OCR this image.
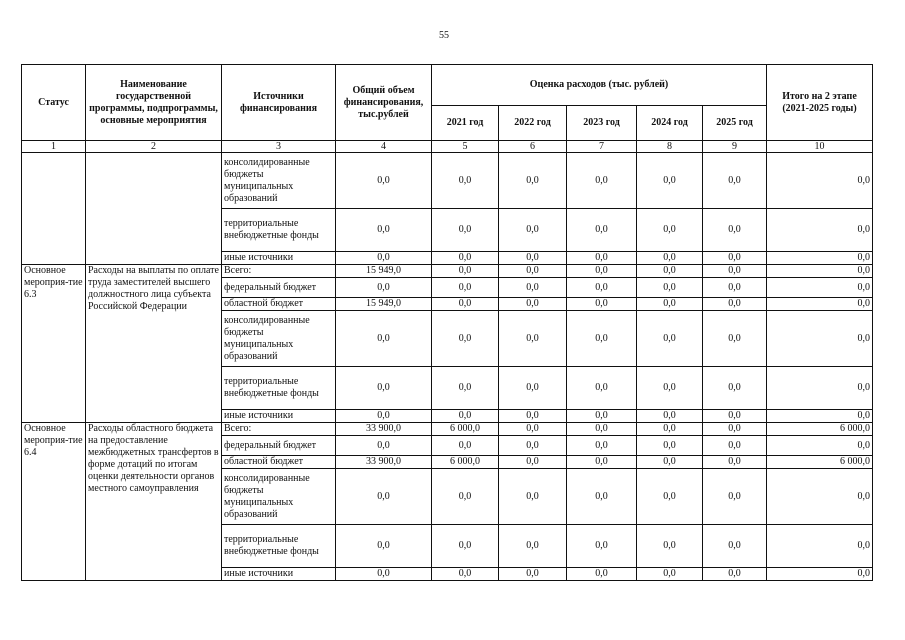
55
Статус	Наименование государственной программы, подпрограммы, основные мероприятия	Источники финансирования	Общий объем финансирования, тыс.рублей	Оценка расходов (тыс. рублей)					Итого на 2 этапе (2021-2025 годы)
				2021 год	2022 год	2023 год	2024 год	2025 год	
1	2	3	4	5	6	7	8	9	10
		консолидированные бюджеты муниципальных образований	0,0	0,0	0,0	0,0	0,0	0,0	0,0
		территориальные внебюджетные фонды	0,0	0,0	0,0	0,0	0,0	0,0	0,0
		иные источники	0,0	0,0	0,0	0,0	0,0	0,0	0,0
Основное мероприя-тие 6.3	Расходы на выплаты по оплате труда заместителей высшего должностного лица субъекта Российской Федерации	Всего:	15 949,0	0,0	0,0	0,0	0,0	0,0	0,0
		федеральный бюджет	0,0	0,0	0,0	0,0	0,0	0,0	0,0
		областной бюджет	15 949,0	0,0	0,0	0,0	0,0	0,0	0,0
		консолидированные бюджеты муниципальных образований	0,0	0,0	0,0	0,0	0,0	0,0	0,0
		территориальные внебюджетные фонды	0,0	0,0	0,0	0,0	0,0	0,0	0,0
		иные источники	0,0	0,0	0,0	0,0	0,0	0,0	0,0
Основное мероприя-тие 6.4	Расходы областного бюджета на предоставление межбюджетных трансфертов в форме дотаций по итогам оценки деятельности органов местного самоуправления	Всего:	33 900,0	6 000,0	0,0	0,0	0,0	0,0	6 000,0
		федеральный бюджет	0,0	0,0	0,0	0,0	0,0	0,0	0,0
		областной бюджет	33 900,0	6 000,0	0,0	0,0	0,0	0,0	6 000,0
		консолидированные бюджеты муниципальных образований	0,0	0,0	0,0	0,0	0,0	0,0	0,0
		территориальные внебюджетные фонды	0,0	0,0	0,0	0,0	0,0	0,0	0,0
		иные источники	0,0	0,0	0,0	0,0	0,0	0,0	0,0
